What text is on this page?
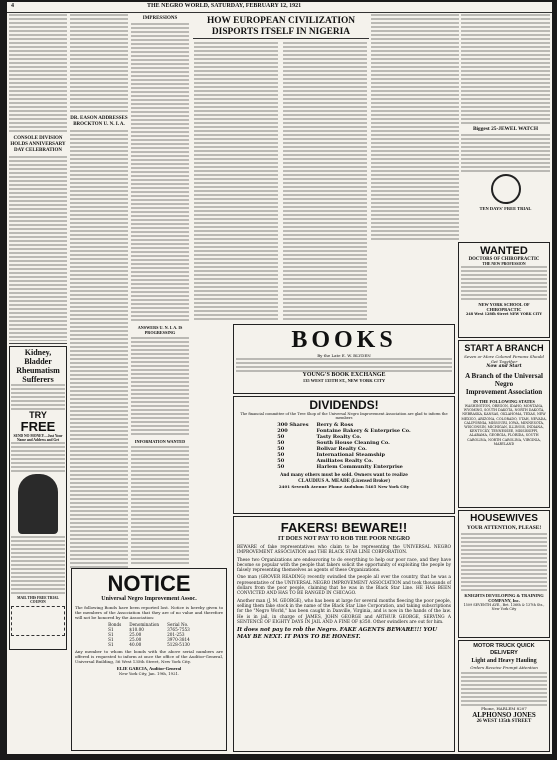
4	THE NEGRO WORLD, SATURDAY, FEBRUARY 12, 1921
CONSOLE DIVISION HOLDS ANNIVERSARY DAY CELEBRATION
Kidney, Bladder
Rheumatism
Sufferers
TRY
FREE
SEND NO MONEY—Just Your Name and Address and Get
MAIL THIS FREE TRIAL COUPON
DR. EASON ADDRESSES BROCKTON U. N. I. A.
IMPRESSIONS
ANSWERS U. N. I. A. IS PROGRESSING
INFORMATION WANTED
NOTICE
Universal Negro Improvement Assoc.
The following Bonds have been reported lost. Notice is hereby given to the members of the Association that they are of no value and therefore will not be honored by the Association:
Bonds	Denomination	Serial No.
S1	$10.00	3765-7553
S1	25.00	201-253
S1	25.00	3970-3814
S1	40.00	5128-5130
Any member to whom the bonds with the above serial numbers are offered is requested to inform at once the office of the Auditor-General, Universal Building, 56 West 135th Street, New York City.
ELIE GARCIA, Auditor-General
New York City, Jan. 19th, 1921.
HOW EUROPEAN CIVILIZATION
DISPORTS ITSELF IN NIGERIA
BOOKS
By the Late E. W. BLYDEN
YOUNG'S BOOK EXCHANGE
135 WEST 135TH ST., NEW YORK CITY
DIVIDENDS!
The financial committee of the Tree Shop of the Universal Negro Improvement Association are glad to inform the members
300 Shares	Berry & Ross
200	Fontaine Bakery & Enterprise Co.
50	Tasty Realty Co.
50	South House Cleaning Co.
50	Bolivar Realty Co.
50	International Steamship
50	Amiliates Realty Co.
50	Harlem Community Enterprise
And many others must be sold. Owners want to realize
CLAUDIUS A. MEADE (Licensed Broker)
2401 Seventh Avenue Phone Audubon 5465 New York City
FAKERS! BEWARE!!
IT DOES NOT PAY TO ROB THE POOR NEGRO
BEWARE of fake representatives who claim to be representing the UNIVERSAL NEGRO IMPROVEMENT ASSOCIATION and THE BLACK STAR LINE CORPORATION.
These two Organizations are endeavoring to do everything to help our poor race, and they have become so popular with the people that fakers solicit the opportunity of exploiting the people by falsely representing themselves as agents of these Organizations.
One man (GROVER READING) recently swindled the people all over the country, that he was a representative of the UNIVERSAL NEGRO IMPROVEMENT ASSOCIATION and took thousands of dollars from the poor people, claiming that he was in the Black Star Line. HE HAS BEEN CONVICTED AND HAS TO BE RANGED IN CHICAGO.
Another man (J. M. GEORGE), who has been at large for several months fleecing the poor people, selling them fake stock in the name of the Black Star Line Corporation, and taking subscriptions for the "Negro World," has been caught in Danville, Virginia, and is now in the hands of the law. He is in jail, in charge of JAMES, JOHN GEORGE and ARTHUR GEORGE, SERVING A SENTENCE OF EIGHTY DAYS IN JAIL AND A FINE OF $350. Other swindlers are out for him.
It does not pay to rob the Negro. FAKE AGENTS BEWARE!!! YOU MAY BE NEXT. IT PAYS TO BE HONEST.
Biggest 25-JEWEL WATCH
TEN DAYS' FREE TRIAL
WANTED
DOCTORS OF CHIROPRACTIC
THE NEW PROFESSION
NEW YORK SCHOOL OF CHIROPRACTIC
248 West 128th Street NEW YORK CITY
START A BRANCH
Seven or More Colored Persons Should Get Together
Now and Start
A Branch of the Universal Negro
Improvement Association
IN THE FOLLOWING STATES
WASHINGTON, OREGON, IDAHO, MONTANA, WYOMING, SOUTH DAKOTA, NORTH DAKOTA, NEBRASKA, KANSAS, OKLAHOMA, TEXAS, NEW MEXICO, ARIZONA, COLORADO, UTAH, NEVADA, CALIFORNIA, MISSOURI, IOWA, MINNESOTA, WISCONSIN, MICHIGAN, ILLINOIS, INDIANA, KENTUCKY, TENNESSEE, MISSISSIPPI, ALABAMA, GEORGIA, FLORIDA, SOUTH CAROLINA, NORTH CAROLINA, VIRGINIA, MARYLAND
HOUSEWIVES
YOUR ATTENTION, PLEASE!
KNIGHTS DEVELOPING & TRAINING COMPANY, Inc.
1509 SEVENTH AVE., Bet. 136th & 137th Sts., New York City
MOTOR TRUCK QUICK DELIVERY
Light and Heavy Hauling
Orders Receive Prompt Attention
Phone, HARLEM 8207
ALPHONSO JONES
26 WEST 135th STREET
